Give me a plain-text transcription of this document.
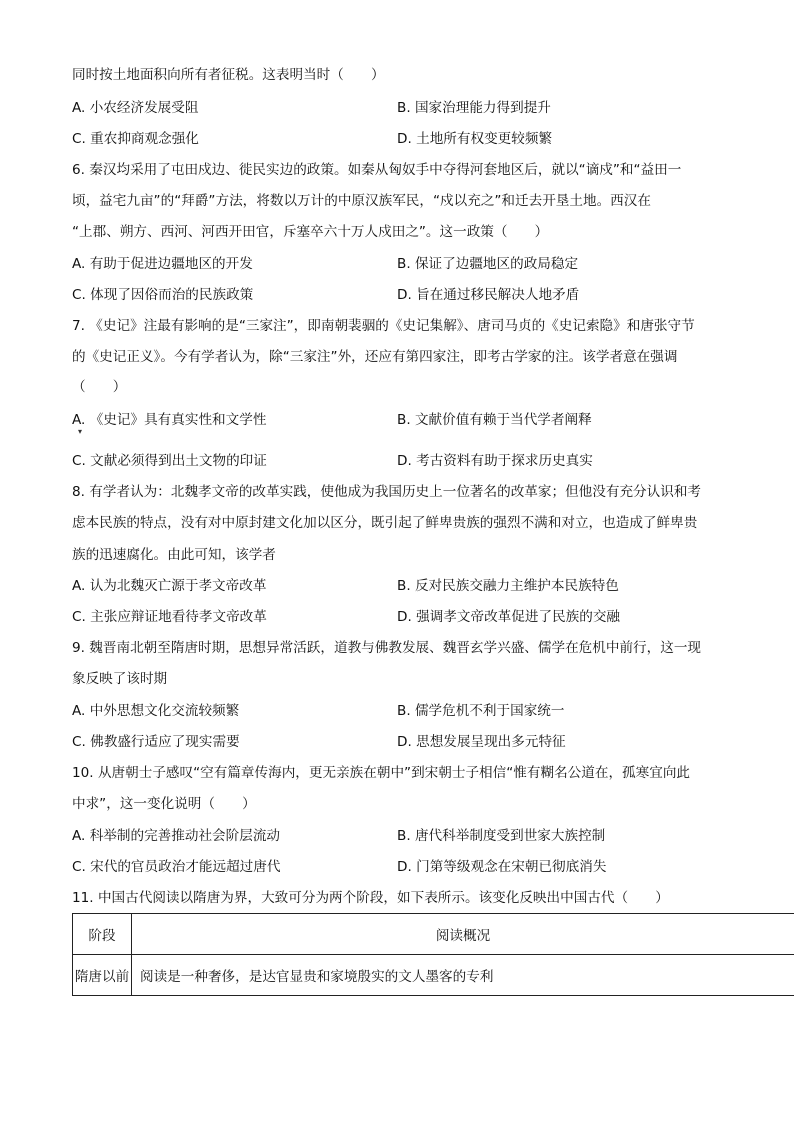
同时按土地面积向所有者征税。这表明当时（　　）
A. 小农经济发展受阻	B. 国家治理能力得到提升
C. 重农抑商观念强化	D. 土地所有权变更较频繁
6. 秦汉均采用了屯田戍边、徙民实边的政策。如秦从匈奴手中夺得河套地区后，就以“谪戍”和“益田一
顷，益宅九亩”的“拜爵”方法，将数以万计的中原汉族军民，“戍以充之”和迁去开垦土地。西汉在
“上郡、朔方、西河、河西开田官，斥塞卒六十万人戍田之”。这一政策（　　）
A. 有助于促进边疆地区的开发	B. 保证了边疆地区的政局稳定
C. 体现了因俗而治的民族政策	D. 旨在通过移民解决人地矛盾
7. 《史记》注最有影响的是“三家注”，即南朝裴骃的《史记集解》、唐司马贞的《史记索隐》和唐张守节
的《史记正义》。今有学者认为，除“三家注”外，还应有第四家注，即考古学家的注。该学者意在强调
（　　）
A. 《史记》具有真实性和文学性	B. 文献价值有赖于当代学者阐释
▾
C. 文献必须得到出土文物的印证	D. 考古资料有助于探求历史真实
8. 有学者认为：北魏孝文帝的改革实践，使他成为我国历史上一位著名的改革家；但他没有充分认识和考
虑本民族的特点，没有对中原封建文化加以区分，既引起了鲜卑贵族的强烈不满和对立，也造成了鲜卑贵
族的迅速腐化。由此可知，该学者
A. 认为北魏灭亡源于孝文帝改革	B. 反对民族交融力主维护本民族特色
C. 主张应辩证地看待孝文帝改革	D. 强调孝文帝改革促进了民族的交融
9. 魏晋南北朝至隋唐时期，思想异常活跃，道教与佛教发展、魏晋玄学兴盛、儒学在危机中前行，这一现
象反映了该时期
A. 中外思想文化交流较频繁	B. 儒学危机不利于国家统一
C. 佛教盛行适应了现实需要	D. 思想发展呈现出多元特征
10. 从唐朝士子感叹“空有篇章传海内，更无亲族在朝中”到宋朝士子相信“惟有糊名公道在，孤寒宜向此
中求”，这一变化说明（　　）
A. 科举制的完善推动社会阶层流动	B. 唐代科举制度受到世家大族控制
C. 宋代的官员政治才能远超过唐代	D. 门第等级观念在宋朝已彻底消失
11. 中国古代阅读以隋唐为界，大致可分为两个阶段，如下表所示。该变化反映出中国古代（　　）
阶段	阅读概况
隋唐以前	阅读是一种奢侈，是达官显贵和家境殷实的文人墨客的专利
